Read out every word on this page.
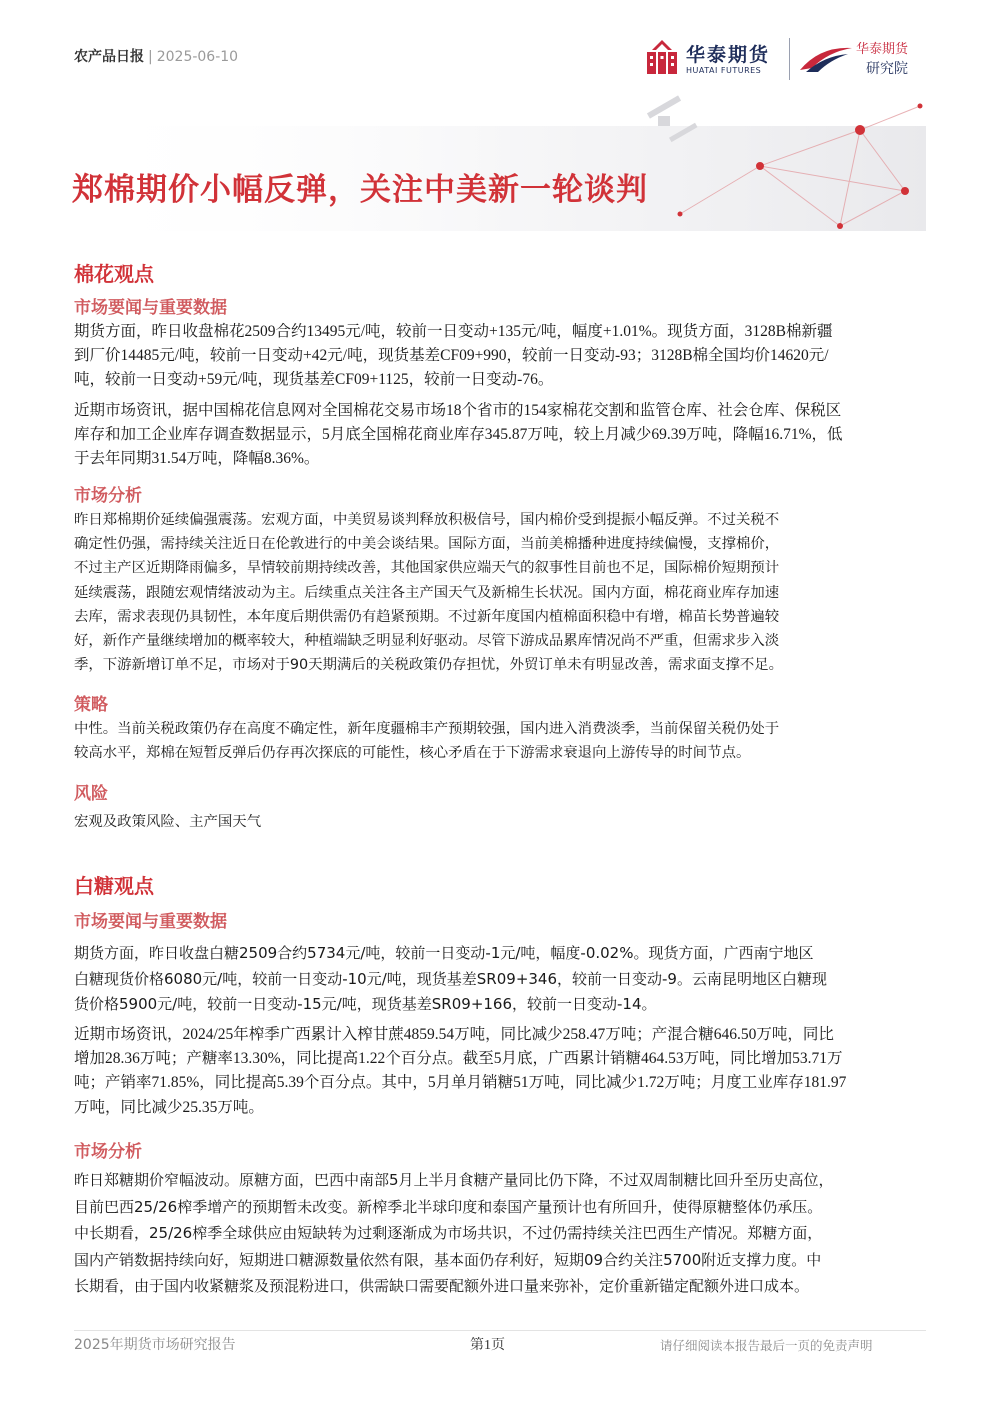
农产品日报 | 2025-06-10	华泰期货
HUATAI FUTURES
华泰期货
研究院
郑棉期价小幅反弹，关注中美新一轮谈判
棉花观点
市场要闻与重要数据
期货方面，昨日收盘棉花2509合约13495元/吨，较前一日变动+135元/吨，幅度+1.01%。现货方面，3128B棉新疆
到厂价14485元/吨，较前一日变动+42元/吨，现货基差CF09+990，较前一日变动-93；3128B棉全国均价14620元/
吨，较前一日变动+59元/吨，现货基差CF09+1125，较前一日变动-76。
近期市场资讯，据中国棉花信息网对全国棉花交易市场18个省市的154家棉花交割和监管仓库、社会仓库、保税区
库存和加工企业库存调查数据显示，5月底全国棉花商业库存345.87万吨，较上月减少69.39万吨，降幅16.71%，低
于去年同期31.54万吨，降幅8.36%。
市场分析
昨日郑棉期价延续偏强震荡。宏观方面，中美贸易谈判释放积极信号，国内棉价受到提振小幅反弹。不过关税不
确定性仍强，需持续关注近日在伦敦进行的中美会谈结果。国际方面，当前美棉播种进度持续偏慢，支撑棉价，
不过主产区近期降雨偏多，旱情较前期持续改善，其他国家供应端天气的叙事性目前也不足，国际棉价短期预计
延续震荡，跟随宏观情绪波动为主。后续重点关注各主产国天气及新棉生长状况。国内方面，棉花商业库存加速
去库，需求表现仍具韧性，本年度后期供需仍有趋紧预期。不过新年度国内植棉面积稳中有增，棉苗长势普遍较
好，新作产量继续增加的概率较大，种植端缺乏明显利好驱动。尽管下游成品累库情况尚不严重，但需求步入淡
季，下游新增订单不足，市场对于90天期满后的关税政策仍存担忧，外贸订单未有明显改善，需求面支撑不足。
策略
中性。当前关税政策仍存在高度不确定性，新年度疆棉丰产预期较强，国内进入消费淡季，当前保留关税仍处于
较高水平，郑棉在短暂反弹后仍存再次探底的可能性，核心矛盾在于下游需求衰退向上游传导的时间节点。
风险
宏观及政策风险、主产国天气
白糖观点
市场要闻与重要数据
期货方面，昨日收盘白糖2509合约5734元/吨，较前一日变动-1元/吨，幅度-0.02%。现货方面，广西南宁地区
白糖现货价格6080元/吨，较前一日变动-10元/吨，现货基差SR09+346，较前一日变动-9。云南昆明地区白糖现
货价格5900元/吨，较前一日变动-15元/吨，现货基差SR09+166，较前一日变动-14。
近期市场资讯，2024/25年榨季广西累计入榨甘蔗4859.54万吨，同比减少258.47万吨；产混合糖646.50万吨，同比
增加28.36万吨；产糖率13.30%，同比提高1.22个百分点。截至5月底，广西累计销糖464.53万吨，同比增加53.71万
吨；产销率71.85%，同比提高5.39个百分点。其中，5月单月销糖51万吨，同比减少1.72万吨；月度工业库存181.97
万吨，同比减少25.35万吨。
市场分析
昨日郑糖期价窄幅波动。原糖方面，巴西中南部5月上半月食糖产量同比仍下降，不过双周制糖比回升至历史高位，
目前巴西25/26榨季增产的预期暂未改变。新榨季北半球印度和泰国产量预计也有所回升，使得原糖整体仍承压。
中长期看，25/26榨季全球供应由短缺转为过剩逐渐成为市场共识，不过仍需持续关注巴西生产情况。郑糖方面，
国内产销数据持续向好，短期进口糖源数量依然有限，基本面仍存利好，短期09合约关注5700附近支撑力度。中
长期看，由于国内收紧糖浆及预混粉进口，供需缺口需要配额外进口量来弥补，定价重新锚定配额外进口成本。
2025年期货市场研究报告	第1页	请仔细阅读本报告最后一页的免责声明
